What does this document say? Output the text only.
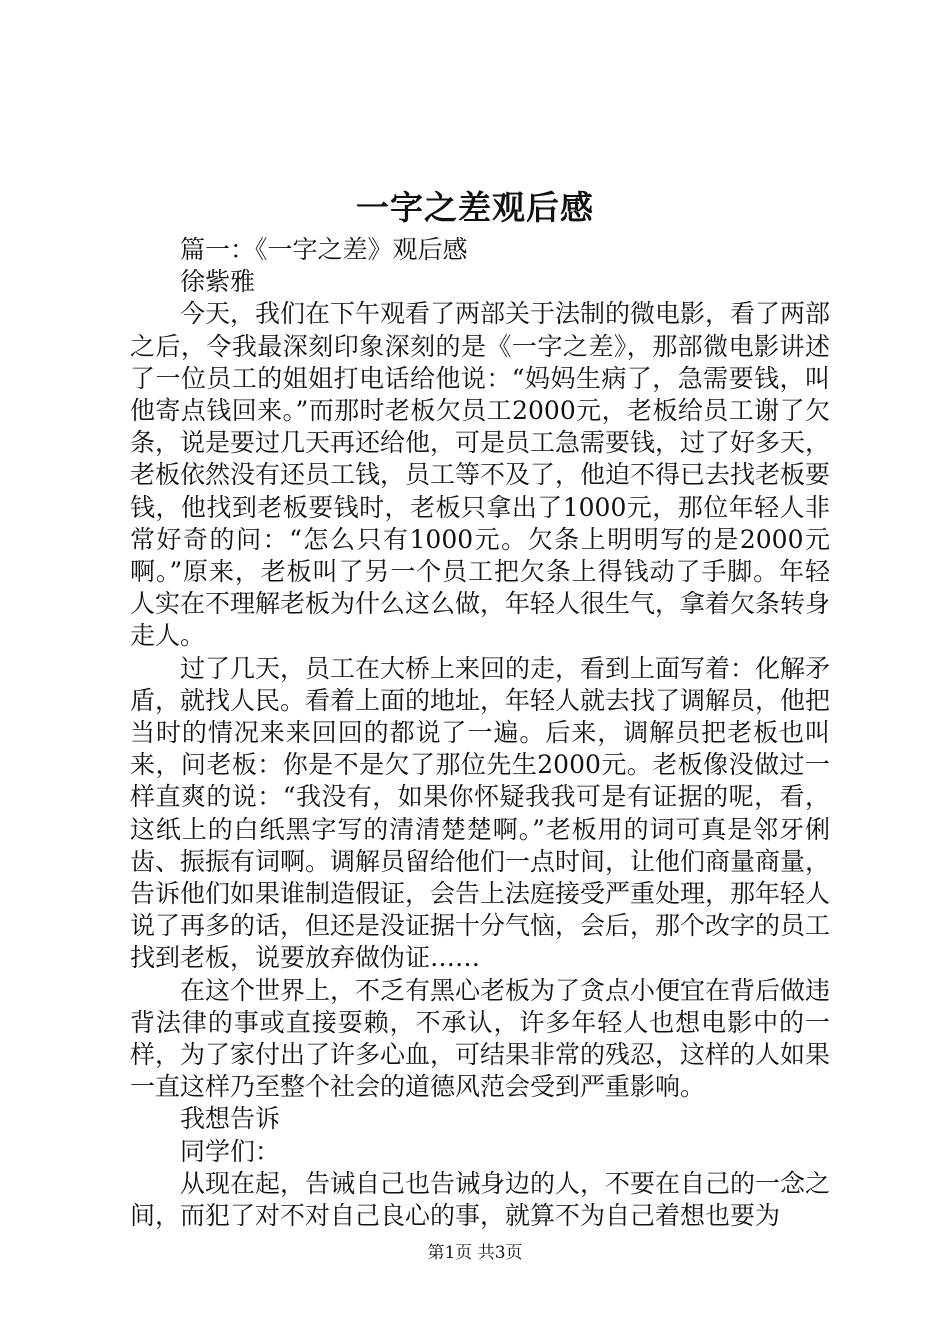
一字之差观后感

篇一：《一字之差》观后感

徐紫雅

今天，我们在下午观看了两部关于法制的微电影，看了两部之后，令我最深刻印象深刻的是《一字之差》，那部微电影讲述了一位员工的姐姐打电话给他说：“妈妈生病了，急需要钱，叫他寄点钱回来。”而那时老板欠员工2000元，老板给员工谢了欠条，说是要过几天再还给他，可是员工急需要钱，过了好多天，老板依然没有还员工钱，员工等不及了，他迫不得已去找老板要钱，他找到老板要钱时，老板只拿出了1000元，那位年轻人非常好奇的问：“怎么只有1000元。欠条上明明写的是2000元啊。”原来，老板叫了另一个员工把欠条上得钱动了手脚。年轻人实在不理解老板为什么这么做，年轻人很生气，拿着欠条转身走人。

过了几天，员工在大桥上来回的走，看到上面写着：化解矛盾，就找人民。看着上面的地址，年轻人就去找了调解员，他把当时的情况来来回回的都说了一遍。后来，调解员把老板也叫来，问老板：你是不是欠了那位先生2000元。老板像没做过一样直爽的说：“我没有，如果你怀疑我我可是有证据的呢，看，这纸上的白纸黑字写的清清楚楚啊。”老板用的词可真是邻牙俐齿、振振有词啊。调解员留给他们一点时间，让他们商量商量，告诉他们如果谁制造假证，会告上法庭接受严重处理，那年轻人说了再多的话，但还是没证据十分气恼，会后，那个改字的员工找到老板，说要放弃做伪证……

在这个世界上，不乏有黑心老板为了贪点小便宜在背后做违背法律的事或直接耍赖，不承认，许多年轻人也想电影中的一样，为了家付出了许多心血，可结果非常的残忍，这样的人如果一直这样乃至整个社会的道德风范会受到严重影响。

我想告诉

同学们：

从现在起，告诫自己也告诫身边的人，不要在自己的一念之间，而犯了对不对自己良心的事，就算不为自己着想也要为

第1页 共3页
